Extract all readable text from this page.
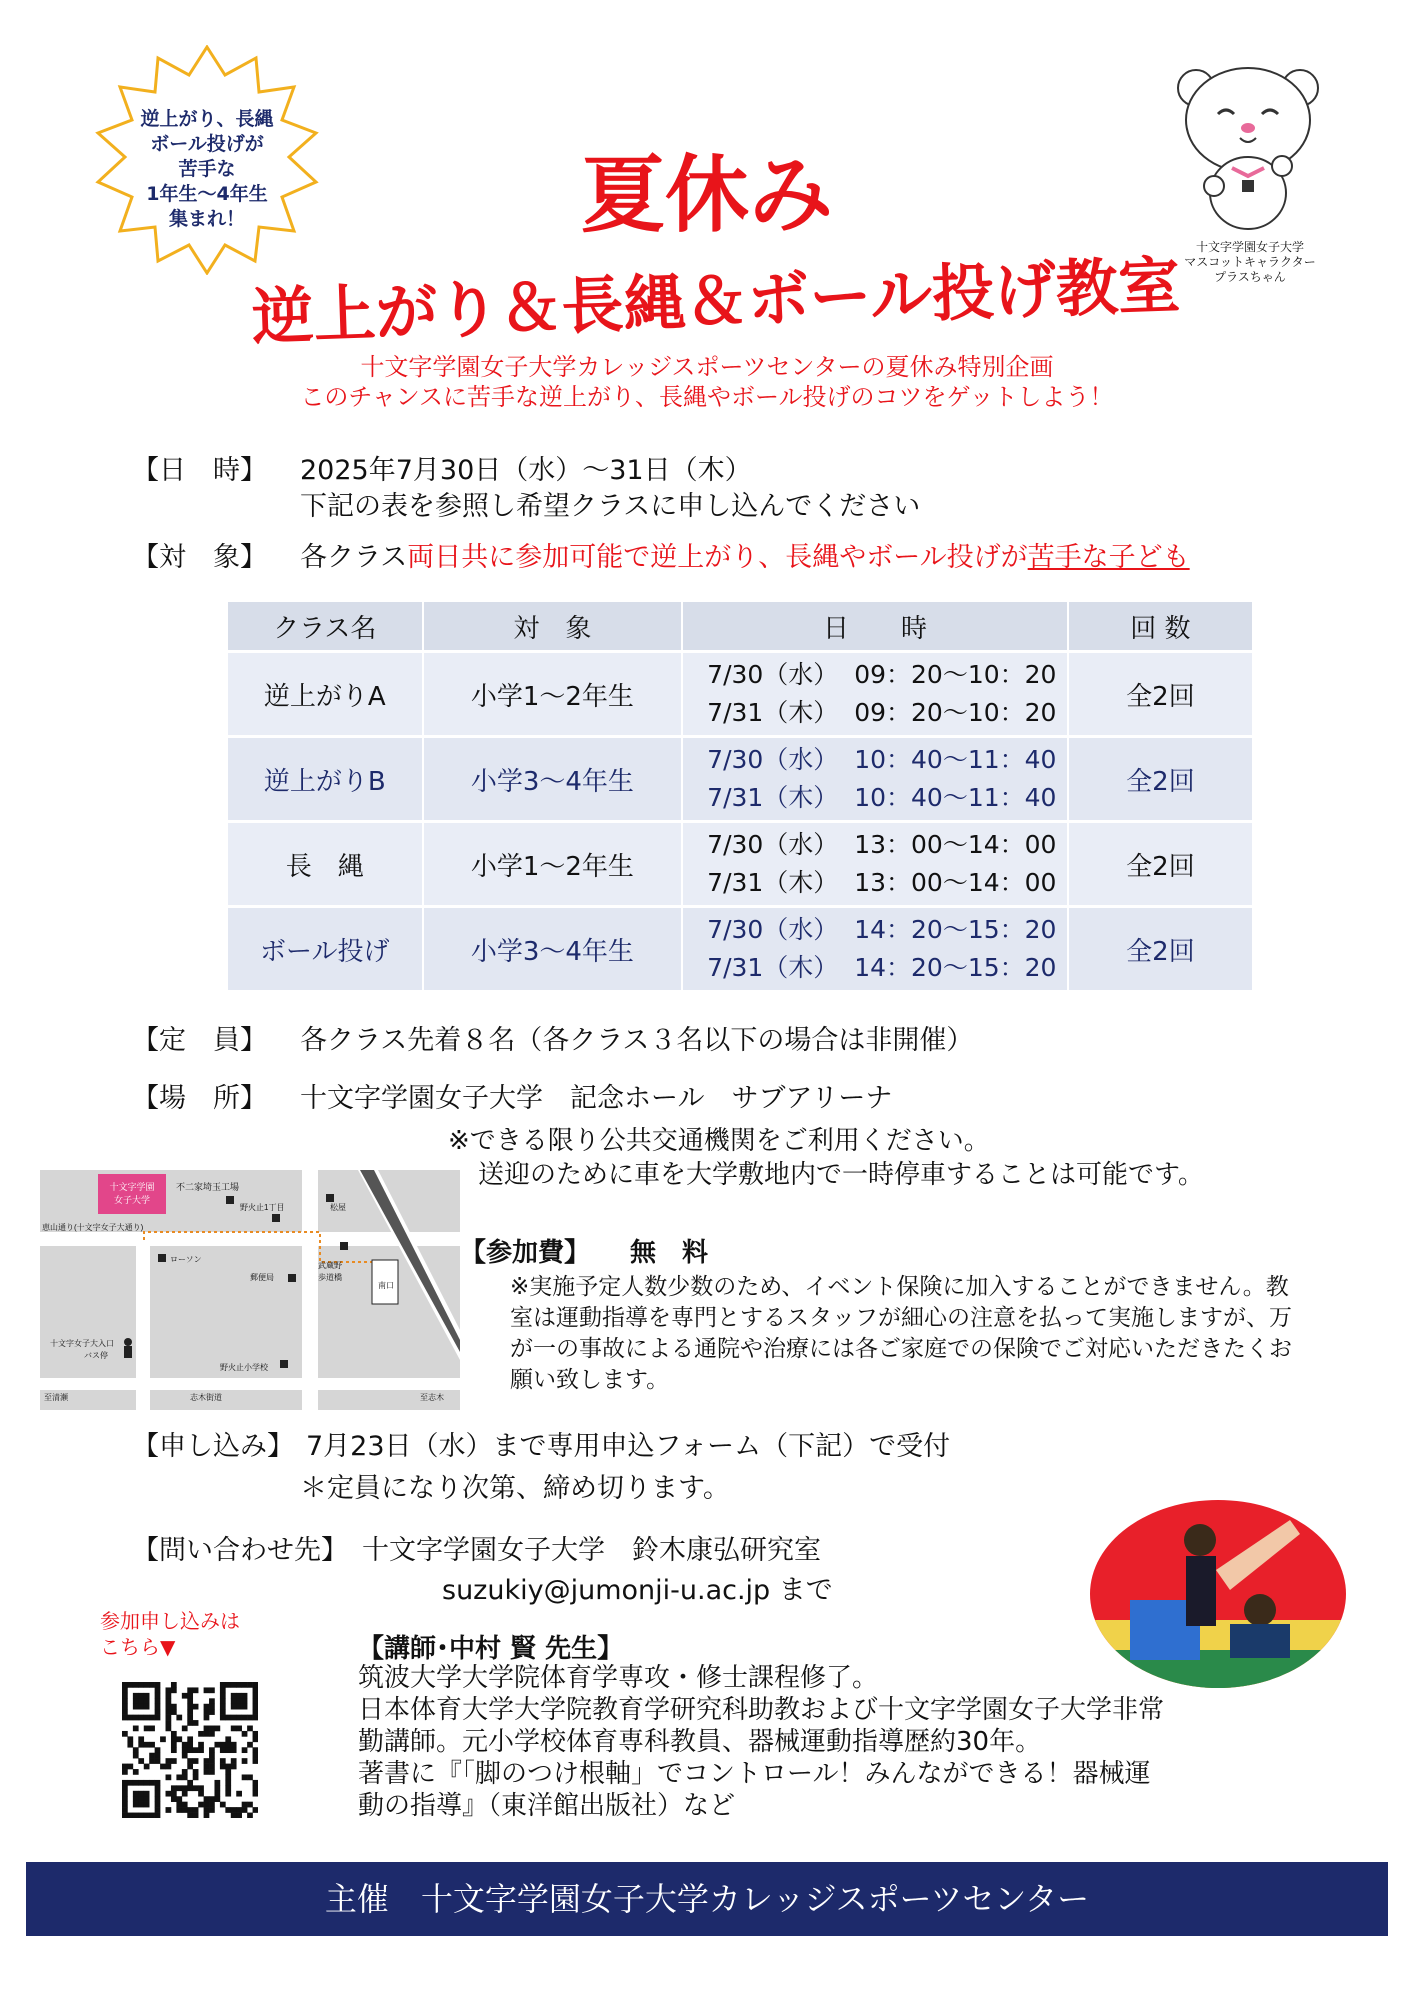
逆上がり、長縄
ボール投げが
苦手な
1年生～4年生
集まれ！	夏休み
逆上がり＆長縄＆ボール投げ教室
十文字学園女子大学
マスコットキャラクター
プラスちゃん
十文字学園女子大学カレッジスポーツセンターの夏休み特別企画
このチャンスに苦手な逆上がり、長縄やボール投げのコツをゲットしよう！
【日　時】 2025年7月30日（水）～31日（木）
下記の表を参照し希望クラスに申し込んでください
【対　象】 各クラス両日共に参加可能で逆上がり、長縄やボール投げが苦手な子ども
クラス名	対　象	日　　時	回 数
逆上がりA	小学1～2年生	7/30（水）  09：20～10：20
7/31（木）  09：20～10：20	全2回
逆上がりB	小学3～4年生	7/30（水）  10：40～11：40
7/31（木）  10：40～11：40	全2回
長　縄	小学1～2年生	7/30（水）  13：00～14：00
7/31（木）  13：00～14：00	全2回
ボール投げ	小学3～4年生	7/30（水）  14：20～15：20
7/31（木）  14：20～15：20	全2回
【定　員】 各クラス先着８名（各クラス３名以下の場合は非開催）
【場　所】 十文字学園女子大学　記念ホール　サブアリーナ
※できる限り公共交通機関をご利用ください。
送迎のために車を大学敷地内で一時停車することは可能です。
十文字学園
女子大学
不二家埼玉工場
野火止1丁目
恵山通り(十文字女子大通り)
ローソン
郵便局
松屋
武蔵野
歩道橋
南口
野火止小学校
志木街道
至清瀬	至志木
十文字女子大入口
バス停
【参加費】 無　料
※実施予定人数少数のため、イベント保険に加入することができません。教室は運動指導を専門とするスタッフが細心の注意を払って実施しますが、万が一の事故による通院や治療には各ご家庭での保険でご対応いただきたくお願い致します。
【申し込み】 7月23日（水）まで専用申込フォーム（下記）で受付
＊定員になり次第、締め切ります。
【問い合わせ先】 十文字学園女子大学　鈴木康弘研究室
suzukiy@jumonji-u.ac.jp まで
参加申し込みは
こちら▼	【講師･中村 賢 先生】
筑波大学大学院体育学専攻・修士課程修了。
日本体育大学大学院教育学研究科助教および十文字学園女子大学非常
勤講師。元小学校体育専科教員、器械運動指導歴約30年。
著書に『「脚のつけ根軸」でコントロール！みんなができる！器械運
動の指導』（東洋館出版社）など
主催　十文字学園女子大学カレッジスポーツセンター
